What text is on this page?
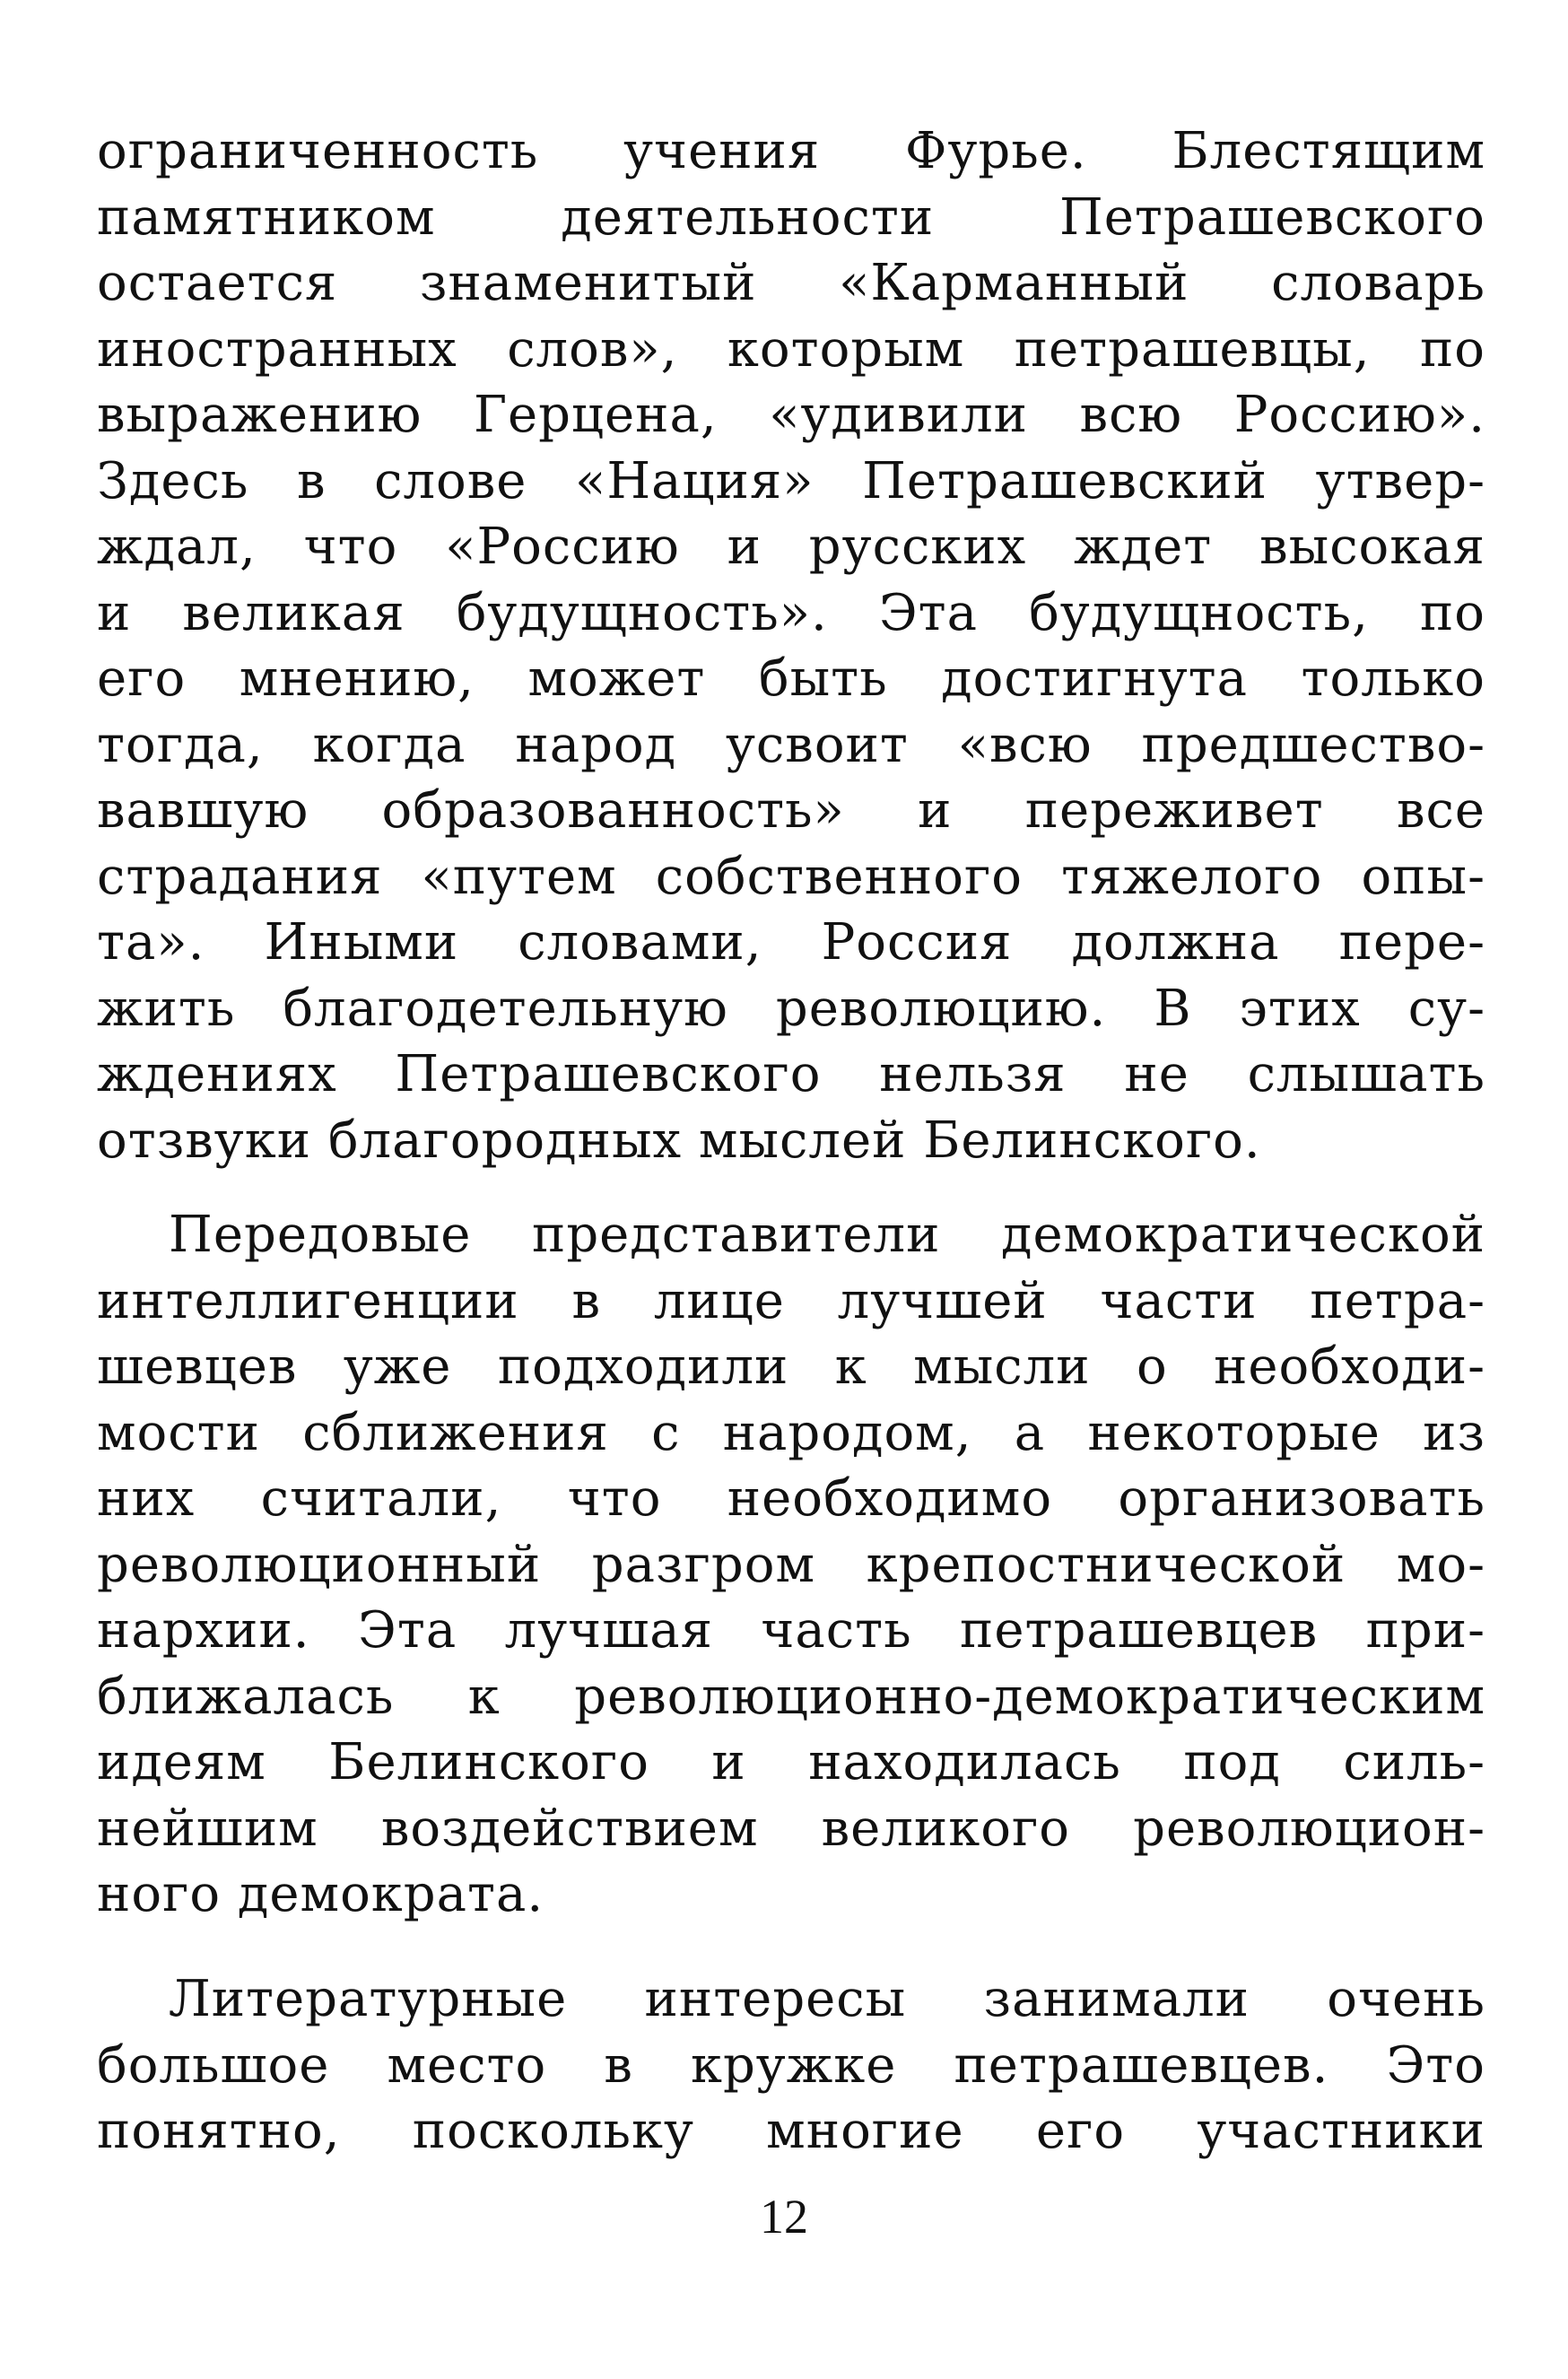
ограниченность учения Фурье. Блестящим
памятником деятельности Петрашевского
остается знаменитый «Карманный словарь
иностранных слов», которым петрашевцы, по
выражению Герцена, «удивили всю Россию».
Здесь в слове «Нация» Петрашевский утвер-
ждал, что «Россию и русских ждет высокая
и великая будущность». Эта будущность, по
его мнению, может быть достигнута только
тогда, когда народ усвоит «всю предшество-
вавшую образованность» и переживет все
страдания «путем собственного тяжелого опы-
та». Иными словами, Россия должна пере-
жить благодетельную революцию. В этих су-
ждениях Петрашевского нельзя не слышать
отзвуки благородных мыслей Белинского.
Передовые представители демократической
интеллигенции в лице лучшей части петра-
шевцев уже подходили к мысли о необходи-
мости сближения с народом, а некоторые из
них считали, что необходимо организовать
революционный разгром крепостнической мо-
нархии. Эта лучшая часть петрашевцев при-
ближалась к революционно-демократическим
идеям Белинского и находилась под силь-
нейшим воздействием великого революцион-
ного демократа.
Литературные интересы занимали очень
большое место в кружке петрашевцев. Это
понятно, поскольку многие его участники
12
